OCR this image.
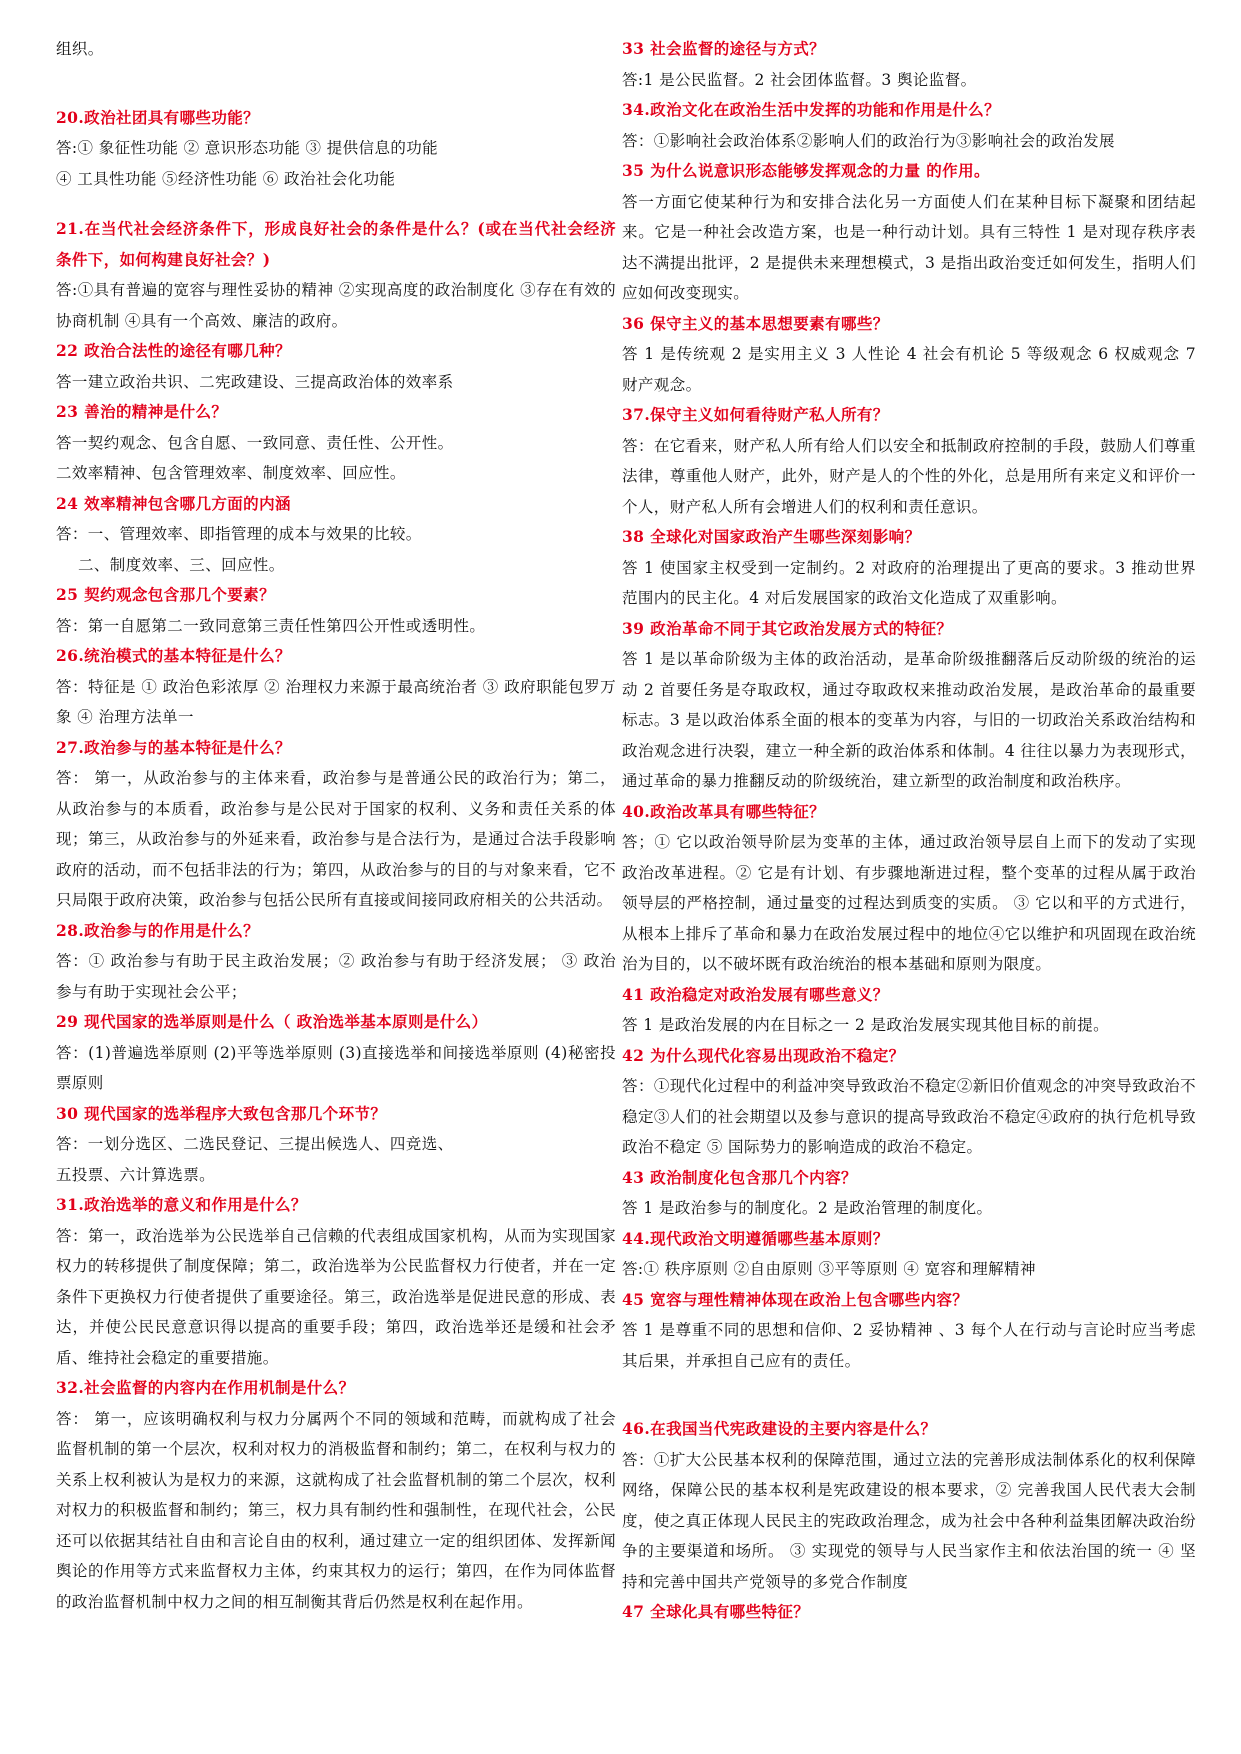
组织。

20.政治社团具有哪些功能？

答:① 象征性功能 ② 意识形态功能 ③ 提供信息的功能

④ 工具性功能 ⑤经济性功能 ⑥ 政治社会化功能

21.在当代社会经济条件下，形成良好社会的条件是什么？(或在当代社会经济条件下，如何构建良好社会？)

答:①具有普遍的宽容与理性妥协的精神 ②实现高度的政治制度化 ③存在有效的协商机制 ④具有一个高效、廉洁的政府。

22 政治合法性的途径有哪几种？

答一建立政治共识、二宪政建设、三提高政治体的效率系

23 善治的精神是什么？

答一契约观念、包含自愿、一致同意、责任性、公开性。

二效率精神、包含管理效率、制度效率、回应性。

24 效率精神包含哪几方面的内涵

答：一、管理效率、即指管理的成本与效果的比较。

二、制度效率、三、回应性。

25 契约观念包含那几个要素？

答：第一自愿第二一致同意第三责任性第四公开性或透明性。

26.统治模式的基本特征是什么？

答：特征是 ① 政治色彩浓厚 ② 治理权力来源于最高统治者 ③ 政府职能包罗万象 ④ 治理方法单一

27.政治参与的基本特征是什么？

答： 第一，从政治参与的主体来看，政治参与是普通公民的政治行为；第二，从政治参与的本质看，政治参与是公民对于国家的权利、义务和责任关系的体现；第三，从政治参与的外延来看，政治参与是合法行为，是通过合法手段影响政府的活动，而不包括非法的行为；第四，从政治参与的目的与对象来看，它不只局限于政府决策，政治参与包括公民所有直接或间接同政府相关的公共活动。

28.政治参与的作用是什么？

答：① 政治参与有助于民主政治发展；② 政治参与有助于经济发展； ③ 政治参与有助于实现社会公平；

29 现代国家的选举原则是什么（ 政治选举基本原则是什么）

答：(1)普遍选举原则 (2)平等选举原则 (3)直接选举和间接选举原则 (4)秘密投票原则

30 现代国家的选举程序大致包含那几个环节？

答：一划分选区、二选民登记、三提出候选人、四竞选、

五投票、六计算选票。

31.政治选举的意义和作用是什么？

答：第一，政治选举为公民选举自己信赖的代表组成国家机构，从而为实现国家权力的转移提供了制度保障；第二，政治选举为公民监督权力行使者，并在一定条件下更换权力行使者提供了重要途径。第三，政治选举是促进民意的形成、表达，并使公民民意意识得以提高的重要手段；第四，政治选举还是缓和社会矛盾、维持社会稳定的重要措施。

32.社会监督的内容内在作用机制是什么？

答： 第一，应该明确权利与权力分属两个不同的领域和范畴，而就构成了社会监督机制的第一个层次，权利对权力的消极监督和制约；第二，在权利与权力的关系上权利被认为是权力的来源，这就构成了社会监督机制的第二个层次，权利对权力的积极监督和制约；第三，权力具有制约性和强制性，在现代社会，公民还可以依据其结社自由和言论自由的权利，通过建立一定的组织团体、发挥新闻舆论的作用等方式来监督权力主体，约束其权力的运行；第四，在作为同体监督的政治监督机制中权力之间的相互制衡其背后仍然是权利在起作用。

33 社会监督的途径与方式？

答:1 是公民监督。2 社会团体监督。3 舆论监督。

34.政治文化在政治生活中发挥的功能和作用是什么？

答：①影响社会政治体系②影响人们的政治行为③影响社会的政治发展

35 为什么说意识形态能够发挥观念的力量 的作用。

答一方面它使某种行为和安排合法化另一方面使人们在某种目标下凝聚和团结起来。它是一种社会改造方案，也是一种行动计划。具有三特性 1 是对现存秩序表达不满提出批评，2 是提供未来理想模式，3 是指出政治变迁如何发生，指明人们应如何改变现实。

36 保守主义的基本思想要素有哪些？

答 1 是传统观 2 是实用主义 3 人性论 4 社会有机论 5 等级观念 6 权威观念 7 财产观念。

37.保守主义如何看待财产私人所有？

答：在它看来，财产私人所有给人们以安全和抵制政府控制的手段，鼓励人们尊重法律，尊重他人财产，此外，财产是人的个性的外化，总是用所有来定义和评价一个人，财产私人所有会增进人们的权利和责任意识。

38 全球化对国家政治产生哪些深刻影响？

答 1 使国家主权受到一定制约。2 对政府的治理提出了更高的要求。3 推动世界范围内的民主化。4 对后发展国家的政治文化造成了双重影响。

39 政治革命不同于其它政治发展方式的特征？

答 1 是以革命阶级为主体的政治活动，是革命阶级推翻落后反动阶级的统治的运动 2 首要任务是夺取政权，通过夺取政权来推动政治发展，是政治革命的最重要标志。3 是以政治体系全面的根本的变革为内容，与旧的一切政治关系政治结构和政治观念进行决裂，建立一种全新的政治体系和体制。4 往往以暴力为表现形式，通过革命的暴力推翻反动的阶级统治，建立新型的政治制度和政治秩序。

40.政治改革具有哪些特征？

答；① 它以政治领导阶层为变革的主体，通过政治领导层自上而下的发动了实现政治改革进程。② 它是有计划、有步骤地渐进过程，整个变革的过程从属于政治领导层的严格控制，通过量变的过程达到质变的实质。 ③ 它以和平的方式进行，从根本上排斥了革命和暴力在政治发展过程中的地位④它以维护和巩固现在政治统治为目的，以不破坏既有政治统治的根本基础和原则为限度。

41 政治稳定对政治发展有哪些意义？

答 1 是政治发展的内在目标之一 2 是政治发展实现其他目标的前提。

42 为什么现代化容易出现政治不稳定？

答：①现代化过程中的利益冲突导致政治不稳定②新旧价值观念的冲突导致政治不稳定③人们的社会期望以及参与意识的提高导致政治不稳定④政府的执行危机导致政治不稳定 ⑤ 国际势力的影响造成的政治不稳定。

43 政治制度化包含那几个内容？

答 1 是政治参与的制度化。2 是政治管理的制度化。

44.现代政治文明遵循哪些基本原则？

答:① 秩序原则 ②自由原则 ③平等原则 ④ 宽容和理解精神

45 宽容与理性精神体现在政治上包含哪些内容？

答 1 是尊重不同的思想和信仰、2 妥协精神 、3 每个人在行动与言论时应当考虑其后果，并承担自己应有的责任。

46.在我国当代宪政建设的主要内容是什么？

答：①扩大公民基本权利的保障范围，通过立法的完善形成法制体系化的权利保障网络，保障公民的基本权利是宪政建设的根本要求，② 完善我国人民代表大会制度，使之真正体现人民民主的宪政政治理念，成为社会中各种利益集团解决政治纷争的主要渠道和场所。 ③ 实现党的领导与人民当家作主和依法治国的统一 ④ 坚持和完善中国共产党领导的多党合作制度

47 全球化具有哪些特征？
